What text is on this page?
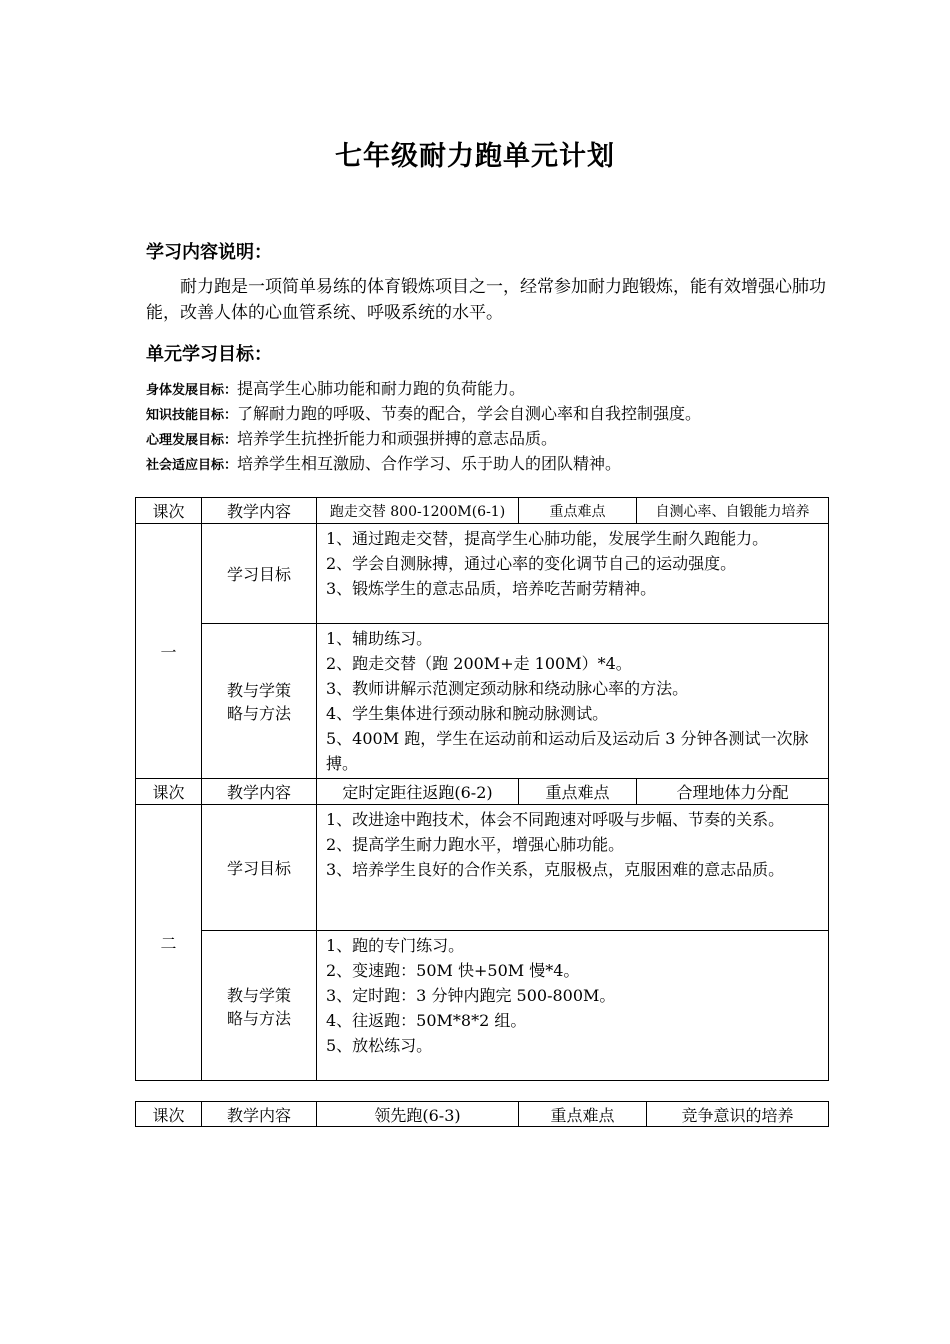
七年级耐力跑单元计划
学习内容说明：
耐力跑是一项简单易练的体育锻炼项目之一，经常参加耐力跑锻炼，能有效增强心肺功能，改善人体的心血管系统、呼吸系统的水平。
单元学习目标：
身体发展目标：提高学生心肺功能和耐力跑的负荷能力。
知识技能目标：了解耐力跑的呼吸、节奏的配合，学会自测心率和自我控制强度。
心理发展目标：培养学生抗挫折能力和顽强拼搏的意志品质。
社会适应目标：培养学生相互激励、合作学习、乐于助人的团队精神。
课次	教学内容	跑走交替 800-1200M(6-1)	重点难点	自测心率、自锻能力培养
一	学习目标	1、通过跑走交替，提高学生心肺功能，发展学生耐久跑能力。
2、学会自测脉搏，通过心率的变化调节自己的运动强度。
3、锻炼学生的意志品质，培养吃苦耐劳精神。		

	教与学策
略与方法	1、辅助练习。
2、跑走交替（跑 200M+走 100M）*4。
3、教师讲解示范测定颈动脉和绕动脉心率的方法。
4、学生集体进行颈动脉和腕动脉测试。
5、400M 跑，学生在运动前和运动后及运动后 3 分钟各测试一次脉搏。		

课次	教学内容	定时定距往返跑(6-2)	重点难点	合理地体力分配
二	学习目标	1、改进途中跑技术，体会不同跑速对呼吸与步幅、节奏的关系。
2、提高学生耐力跑水平，增强心肺功能。
3、培养学生良好的合作关系，克服极点，克服困难的意志品质。		

	教与学策
略与方法	1、跑的专门练习。
2、变速跑：50M 快+50M 慢*4。
3、定时跑：3 分钟内跑完 500-800M。
4、往返跑：50M*8*2 组。
5、放松练习。		
课次	教学内容	领先跑(6-3)	重点难点	竞争意识的培养
